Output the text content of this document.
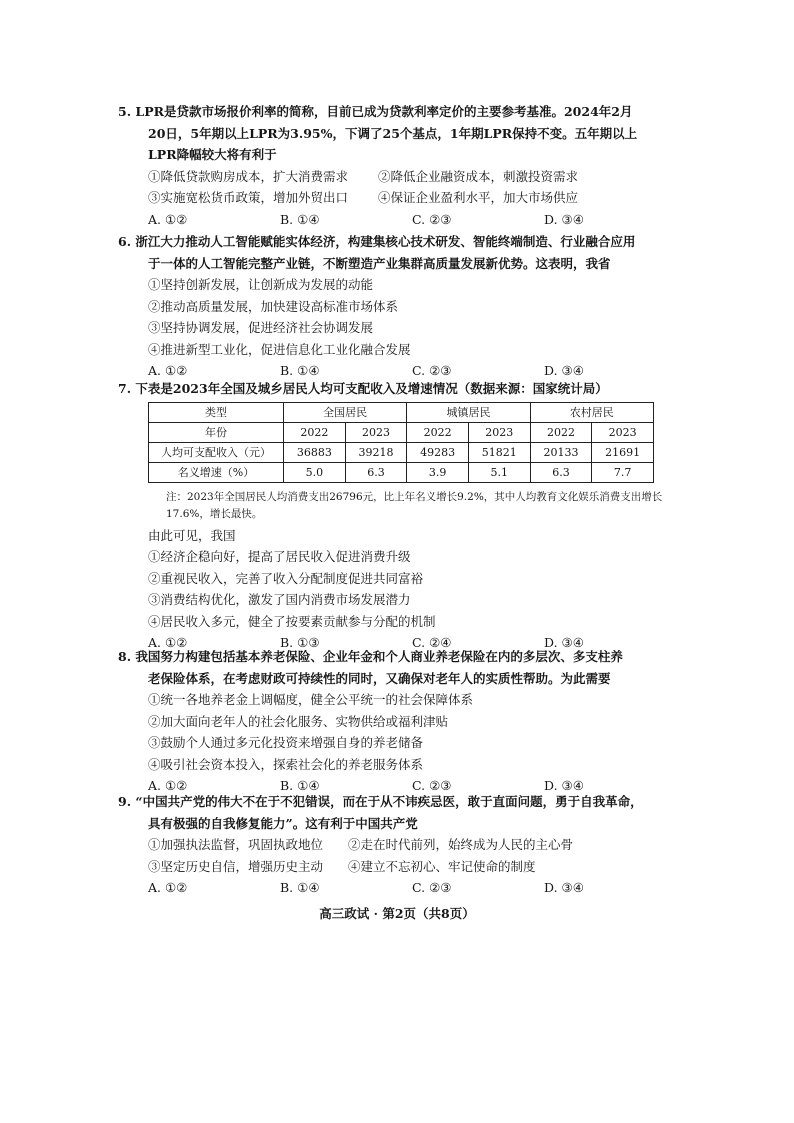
5. LPR是贷款市场报价利率的简称，目前已成为贷款利率定价的主要参考基准。2024年2月
20日，5年期以上LPR为3.95%，下调了25个基点，1年期LPR保持不变。五年期以上
LPR降幅较大将有利于
①降低贷款购房成本，扩大消费需求	②降低企业融资成本，刺激投资需求
③实施宽松货币政策，增加外贸出口	④保证企业盈利水平，加大市场供应
A. ①②	B. ①④	C. ②③	D. ③④
6. 浙江大力推动人工智能赋能实体经济，构建集核心技术研发、智能终端制造、行业融合应用
于一体的人工智能完整产业链，不断塑造产业集群高质量发展新优势。这表明，我省
①坚持创新发展，让创新成为发展的动能
②推动高质量发展，加快建设高标准市场体系
③坚持协调发展，促进经济社会协调发展
④推进新型工业化，促进信息化工业化融合发展
A. ①②	B. ①④	C. ②③	D. ③④
7. 下表是2023年全国及城乡居民人均可支配收入及增速情况（数据来源：国家统计局）
类型	全国居民		城镇居民		农村居民	
年份	2022	2023	2022	2023	2022	2023
人均可支配收入（元）	36883	39218	49283	51821	20133	21691
名义增速（%）	5.0	6.3	3.9	5.1	6.3	7.7
注：2023年全国居民人均消费支出26796元，比上年名义增长9.2%，其中人均教育文化娱乐消费支出增长17.6%，增长最快。
由此可见，我国
①经济企稳向好，提高了居民收入促进消费升级
②重视民收入，完善了收入分配制度促进共同富裕
③消费结构优化，激发了国内消费市场发展潜力
④居民收入多元，健全了按要素贡献参与分配的机制
A. ①②	B. ①③	C. ②④	D. ③④
8. 我国努力构建包括基本养老保险、企业年金和个人商业养老保险在内的多层次、多支柱养
老保险体系，在考虑财政可持续性的同时，又确保对老年人的实质性帮助。为此需要
①统一各地养老金上调幅度，健全公平统一的社会保障体系
②加大面向老年人的社会化服务、实物供给或福利津贴
③鼓励个人通过多元化投资来增强自身的养老储备
④吸引社会资本投入，探索社会化的养老服务体系
A. ①②	B. ①④	C. ②③	D. ③④
9. “中国共产党的伟大不在于不犯错误，而在于从不讳疾忌医，敢于直面问题，勇于自我革命，
具有极强的自我修复能力”。这有利于中国共产党
①加强执法监督，巩固执政地位	②走在时代前列，始终成为人民的主心骨
③坚定历史自信，增强历史主动	④建立不忘初心、牢记使命的制度
A. ①②	B. ①④	C. ②③	D. ③④
高三政试 · 第2页（共8页）
